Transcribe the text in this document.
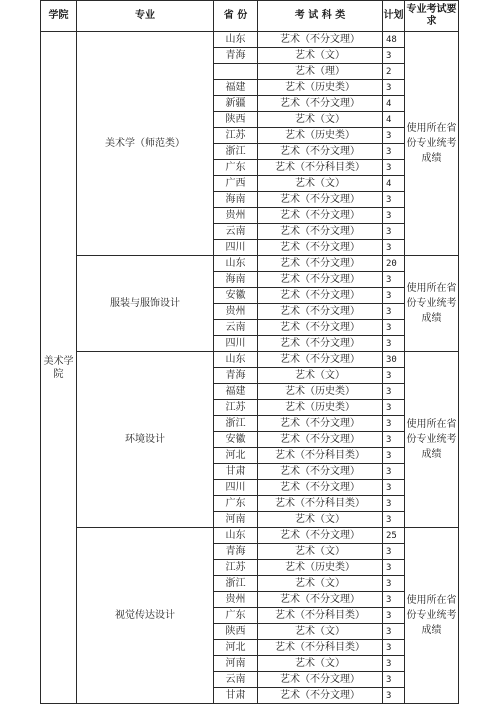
学院	专业	省 份	考 试 科 类	计划	专业考试要求
美术学院	美术学（师范类）	山东	艺术（不分文理）	48	使用所在省份专业统考成绩
		青海	艺术（文）	3	
			艺术（理）	2	
		福建	艺术（历史类）	3	
		新疆	艺术（不分文理）	4	
		陕西	艺术（文）	4	
		江苏	艺术（历史类）	3	
		浙江	艺术（不分文理）	3	
		广东	艺术（不分科目类）	3	
		广西	艺术（文）	4	
		海南	艺术（不分文理）	3	
		贵州	艺术（不分文理）	3	
		云南	艺术（不分文理）	3	
		四川	艺术（不分文理）	3	
	服装与服饰设计	山东	艺术（不分文理）	20	使用所在省份专业统考成绩
		海南	艺术（不分文理）	3	
		安徽	艺术（不分文理）	3	
		贵州	艺术（不分文理）	3	
		云南	艺术（不分文理）	3	
		四川	艺术（不分文理）	3	
	环境设计	山东	艺术（不分文理）	30	使用所在省份专业统考成绩
		青海	艺术（文）	3	
		福建	艺术（历史类）	3	
		江苏	艺术（历史类）	3	
		浙江	艺术（不分文理）	3	
		安徽	艺术（不分文理）	3	
		河北	艺术（不分科目类）	3	
		甘肃	艺术（不分文理）	3	
		四川	艺术（不分文理）	3	
		广东	艺术（不分科目类）	3	
		河南	艺术（文）	3	
	视觉传达设计	山东	艺术（不分文理）	25	使用所在省份专业统考成绩
		青海	艺术（文）	3	
		江苏	艺术（历史类）	3	
		浙江	艺术（文）	3	
		贵州	艺术（不分文理）	3	
		广东	艺术（不分科目类）	3	
		陕西	艺术（文）	3	
		河北	艺术（不分科目类）	3	
		河南	艺术（文）	3	
		云南	艺术（不分文理）	3	
		甘肃	艺术（不分文理）	3	
